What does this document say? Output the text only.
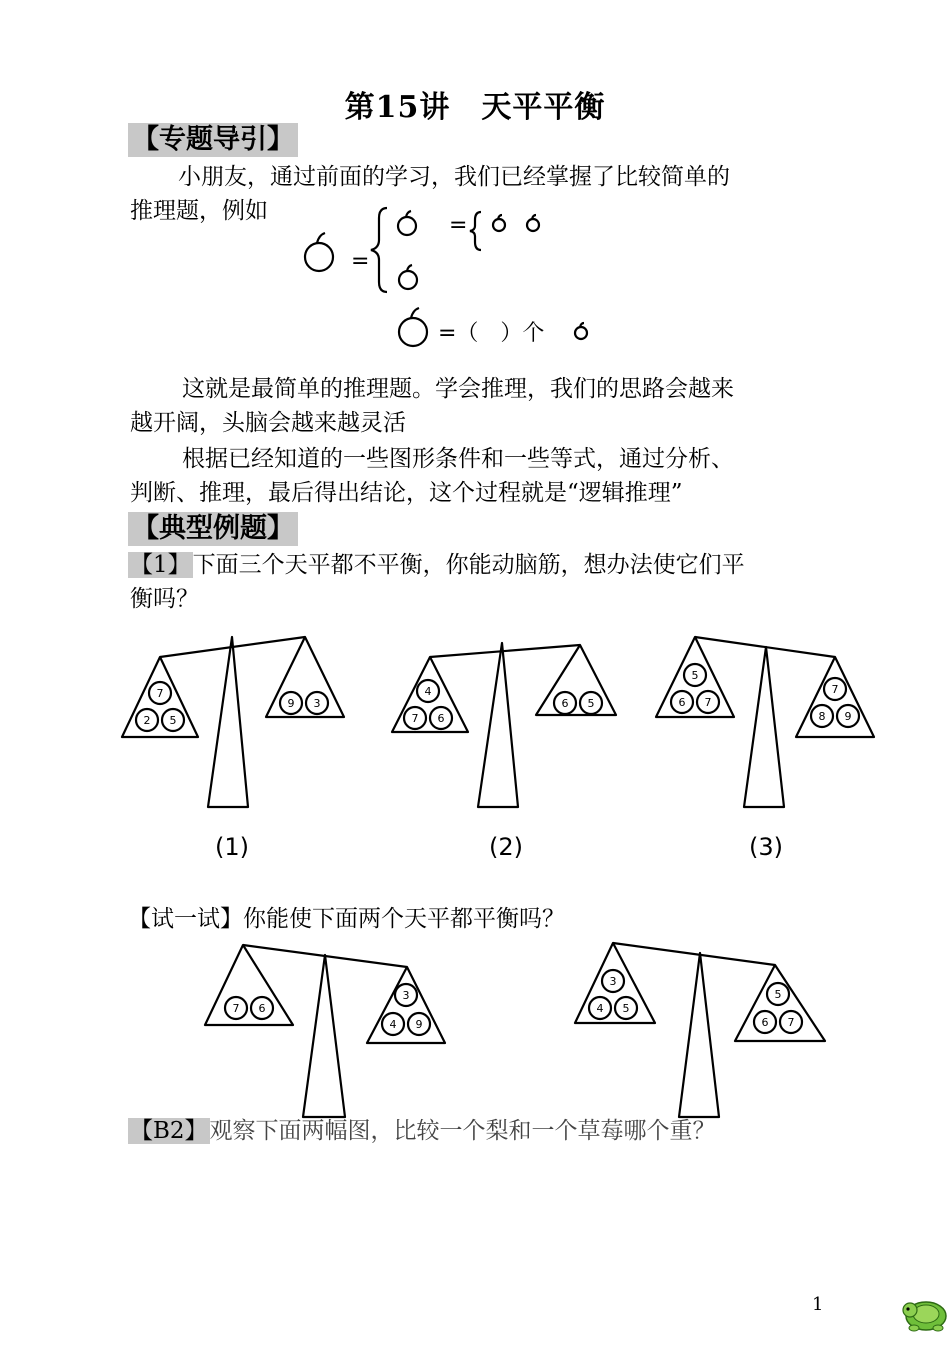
第15讲　天平平衡
【专题导引】
小朋友，通过前面的学习，我们已经掌握了比较简单的
推理题，例如
=
=
=（　）个
这就是最简单的推理题。学会推理，我们的思路会越来
越开阔，头脑会越来越灵活
根据已经知道的一些图形条件和一些等式，通过分析、
判断、推理，最后得出结论，这个过程就是“逻辑推理”
【典型例题】
【1】下面三个天平都不平衡，你能动脑筋，想办法使它们平
衡吗？
7
2 5
9 3
4
7 6
6 5
5
6 7
7
8 9
(1)	(2)	(3)
【试一试】你能使下面两个天平都平衡吗？
7 6
3
4 9
3
4 5
5
6 7
【B2】观察下面两幅图，比较一个梨和一个草莓哪个重？
1
